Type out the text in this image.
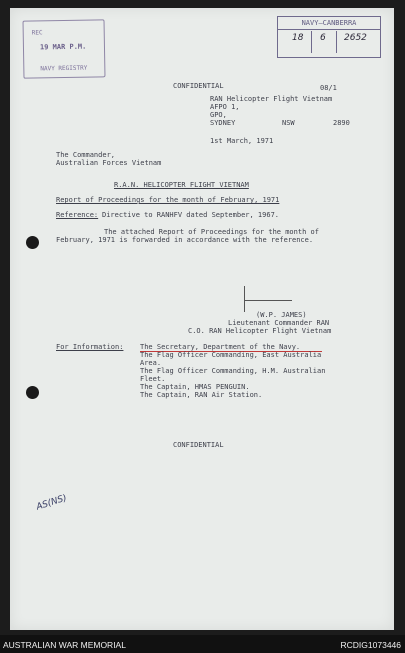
REC
19 MAR P.M.
NAVY REGISTRY
NAVY—CANBERRA
18 6 2652
CONFIDENTIAL	08/1
RAN Helicopter Flight Vietnam
AFPO 1,
GPO,
SYDNEY	NSW	2890
1st March, 1971
The Commander,
Australian Forces Vietnam
R.A.N. HELICOPTER FLIGHT VIETNAM
Report of Proceedings for the month of February, 1971
Reference: Directive to RANHFV dated September, 1967.
The attached Report of Proceedings for the month of
February, 1971 is forwarded in accordance with the reference.
(W.P. JAMES)
Lieutenant Commander RAN
C.O. RAN Helicopter Flight Vietnam
For Information: The Secretary, Department of the Navy.
The Flag Officer Commanding, East Australia
Area.
The Flag Officer Commanding, H.M. Australian
Fleet.
The Captain, HMAS PENGUIN.
The Captain, RAN Air Station.
CONFIDENTIAL
AS(NS)
AUSTRALIAN WAR MEMORIAL	RCDIG1073446
